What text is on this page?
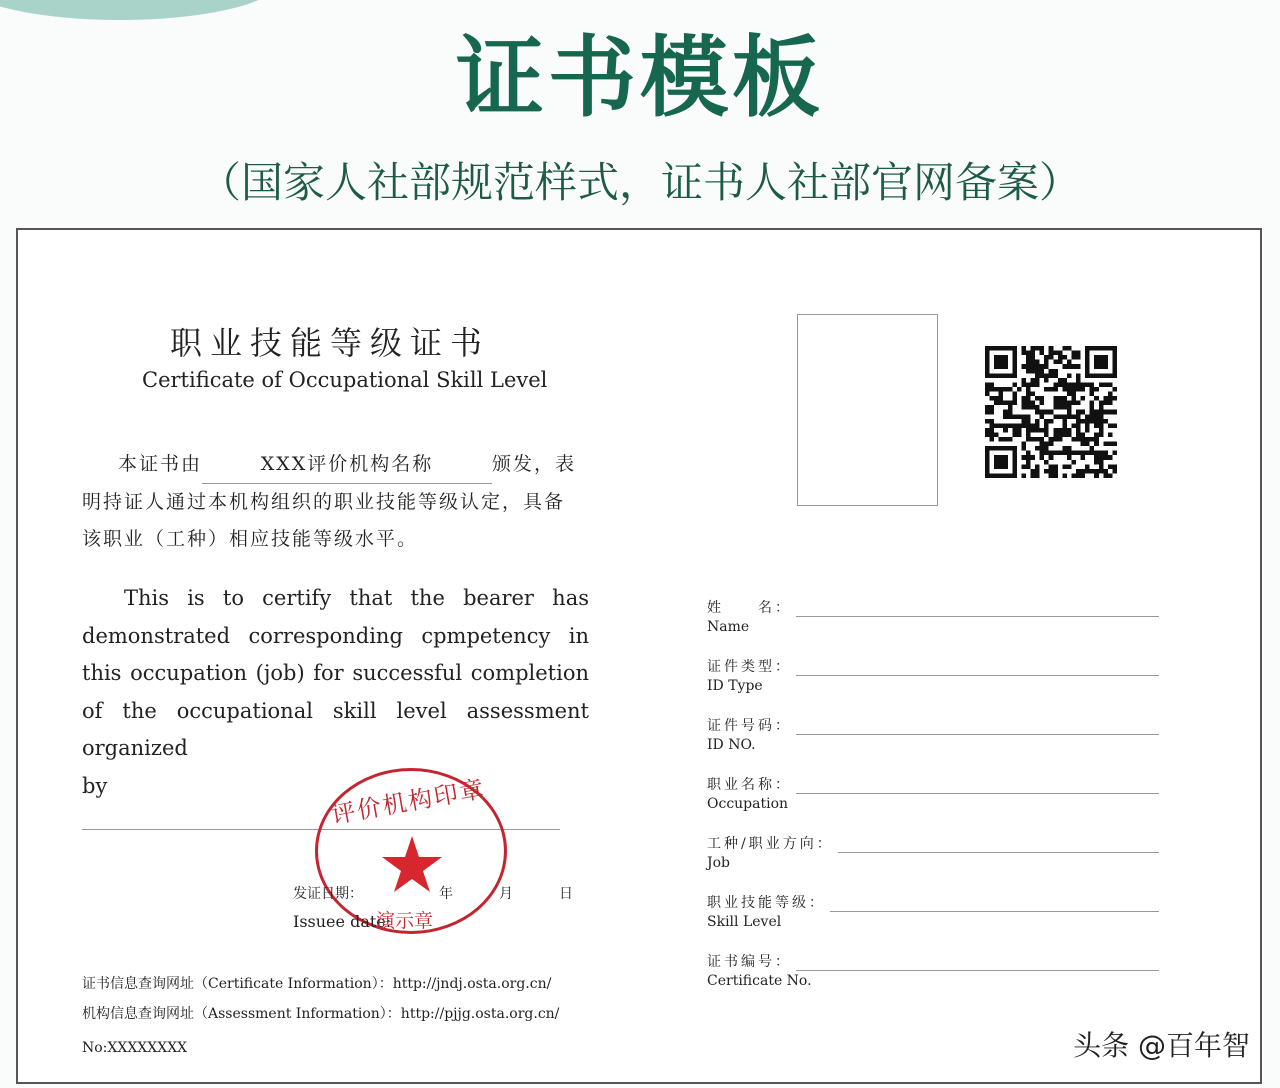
证书模板
（国家人社部规范样式，证书人社部官网备案）
职业技能等级证书
Certificate of Occupational Skill Level
本证书由	XXX评价机构名称	颁发，表明持证人通过本机构组织的职业技能等级认定，具备该职业（工种）相应技能等级水平。
This is to certify that the bearer has demonstrated corresponding cpmpetency in this occupation (job) for successful completion of the occupational skill level assessment organized
by	评价机构印章
发证日期：	年	月	日
Issuee date:
演示章
证书信息查询网址（Certificate Information）：http://jndj.osta.org.cn/
机构信息查询网址（Assessment Information）：http://pjjg.osta.org.cn/
No:XXXXXXXX
姓　　名：
Name
证件类型：
ID Type
证件号码：
ID NO.
职业名称：
Occupation
工种/职业方向：
Job
职业技能等级：
Skill Level
证书编号：
Certificate No.
头条 @百年智
